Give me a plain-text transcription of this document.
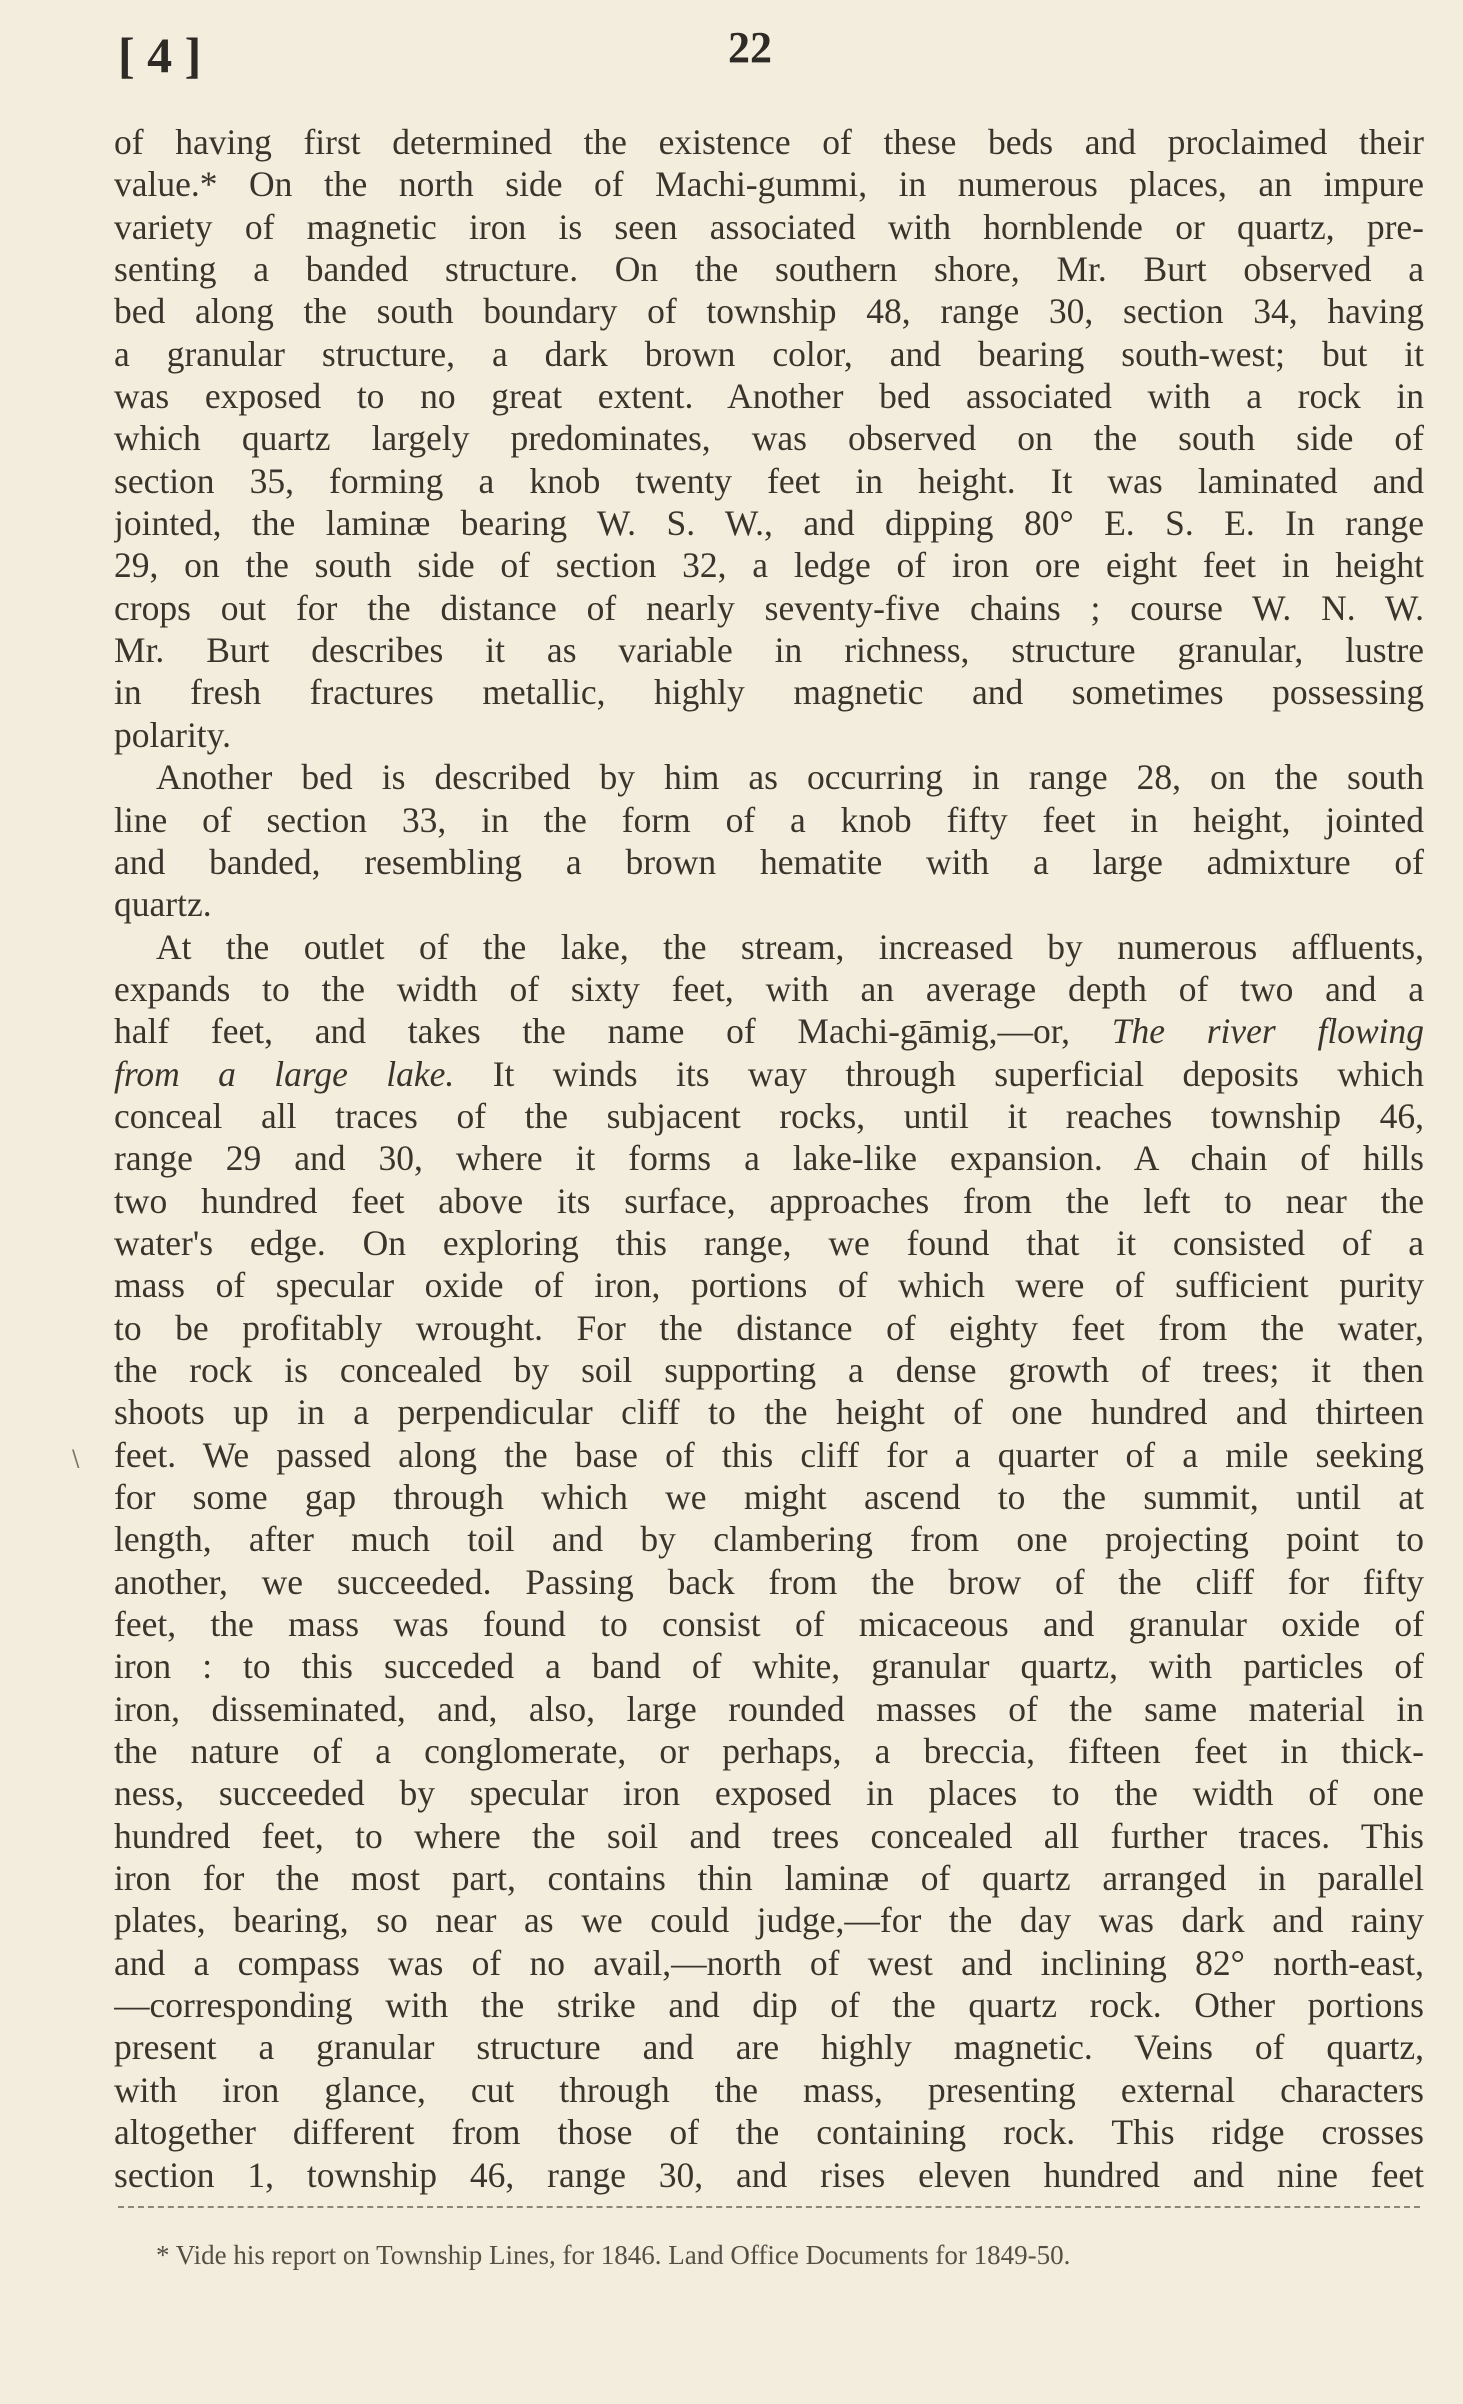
[ 4 ]	22
\
of having first determined the existence of these beds and proclaimed their
value.* On the north side of Machi-gummi, in numerous places, an impure
variety of magnetic iron is seen associated with hornblende or quartz, pre-
senting a banded structure. On the southern shore, Mr. Burt observed a
bed along the south boundary of township 48, range 30, section 34, having
a granular structure, a dark brown color, and bearing south-west; but it
was exposed to no great extent. Another bed associated with a rock in
which quartz largely predominates, was observed on the south side of
section 35, forming a knob twenty feet in height. It was laminated and
jointed, the laminæ bearing W. S. W., and dipping 80° E. S. E. In range
29, on the south side of section 32, a ledge of iron ore eight feet in height
crops out for the distance of nearly seventy-five chains ; course W. N. W.
Mr. Burt describes it as variable in richness, structure granular, lustre
in fresh fractures metallic, highly magnetic and sometimes possessing
polarity.
Another bed is described by him as occurring in range 28, on the south
line of section 33, in the form of a knob fifty feet in height, jointed
and banded, resembling a brown hematite with a large admixture of
quartz.
At the outlet of the lake, the stream, increased by numerous affluents,
expands to the width of sixty feet, with an average depth of two and a
half feet, and takes the name of Machi-gāmig,—or, The river flowing
from a large lake. It winds its way through superficial deposits which
conceal all traces of the subjacent rocks, until it reaches township 46,
range 29 and 30, where it forms a lake-like expansion. A chain of hills
two hundred feet above its surface, approaches from the left to near the
water's edge. On exploring this range, we found that it consisted of a
mass of specular oxide of iron, portions of which were of sufficient purity
to be profitably wrought. For the distance of eighty feet from the water,
the rock is concealed by soil supporting a dense growth of trees; it then
shoots up in a perpendicular cliff to the height of one hundred and thirteen
feet. We passed along the base of this cliff for a quarter of a mile seeking
for some gap through which we might ascend to the summit, until at
length, after much toil and by clambering from one projecting point to
another, we succeeded. Passing back from the brow of the cliff for fifty
feet, the mass was found to consist of micaceous and granular oxide of
iron : to this succeded a band of white, granular quartz, with particles of
iron, disseminated, and, also, large rounded masses of the same material in
the nature of a conglomerate, or perhaps, a breccia, fifteen feet in thick-
ness, succeeded by specular iron exposed in places to the width of one
hundred feet, to where the soil and trees concealed all further traces. This
iron for the most part, contains thin laminæ of quartz arranged in parallel
plates, bearing, so near as we could judge,—for the day was dark and rainy
and a compass was of no avail,—north of west and inclining 82° north-east,
—corresponding with the strike and dip of the quartz rock. Other portions
present a granular structure and are highly magnetic. Veins of quartz,
with iron glance, cut through the mass, presenting external characters
altogether different from those of the containing rock. This ridge crosses
section 1, township 46, range 30, and rises eleven hundred and nine feet
* Vide his report on Township Lines, for 1846. Land Office Documents for 1849-50.
